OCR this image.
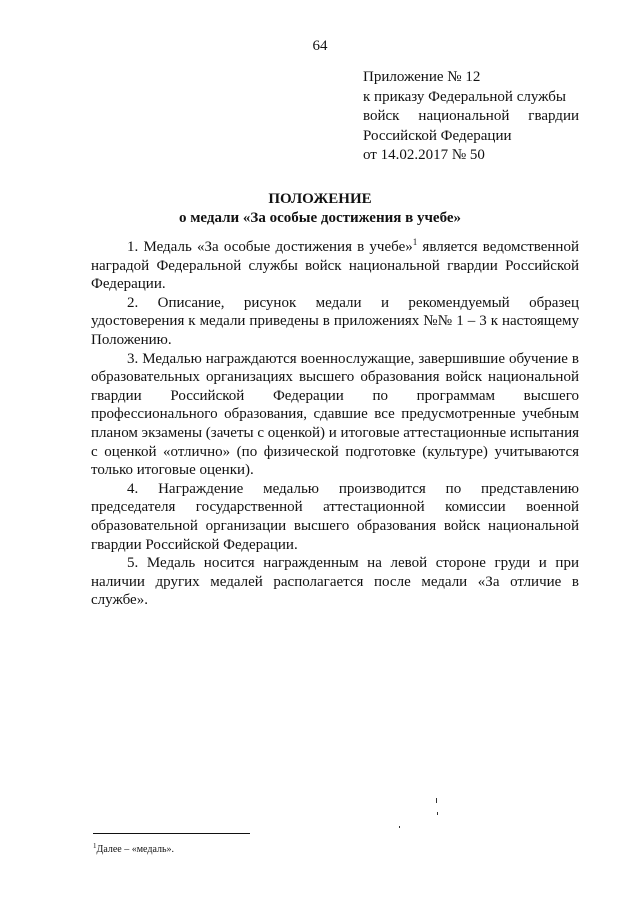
64
Приложение № 12
к приказу Федеральной службы
войск национальной гвардии
Российской Федерации
от 14.02.2017 № 50
ПОЛОЖЕНИЕ
о медали «За особые достижения в учебе»

1. Медаль «За особые достижения в учебе»$^1$ является ведомственной наградой Федеральной службы войск национальной гвардии Российской Федерации.

2. Описание, рисунок медали и рекомендуемый образец удостоверения к медали приведены в приложениях №№ 1 – 3 к настоящему Положению.

3. Медалью награждаются военнослужащие, завершившие обучение в образовательных организациях высшего образования войск национальной гвардии Российской Федерации по программам высшего профессионального образования, сдавшие все предусмотренные учебным планом экзамены (зачеты с оценкой) и итоговые аттестационные испытания с оценкой «отлично» (по физической подготовке (культуре) учитываются только итоговые оценки).

4. Награждение медалью производится по представлению председателя государственной аттестационной комиссии военной образовательной организации высшего образования войск национальной гвардии Российской Федерации.

5. Медаль носится награжденным на левой стороне груди и при наличии других медалей располагается после медали «За отличие в службе».

$^1$Далее – «медаль».
